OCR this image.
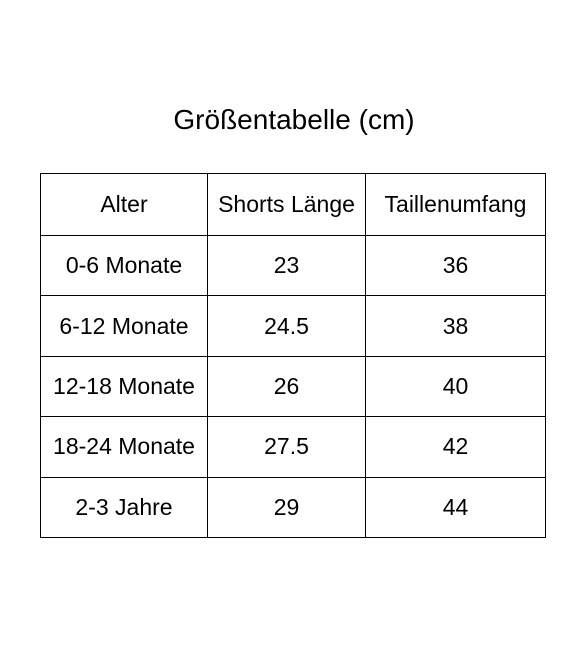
Größentabelle (cm)
Alter	Shorts Länge	Taillenumfang
0-6 Monate	23	36
6-12 Monate	24.5	38
12-18 Monate	26	40
18-24 Monate	27.5	42
2-3 Jahre	29	44
